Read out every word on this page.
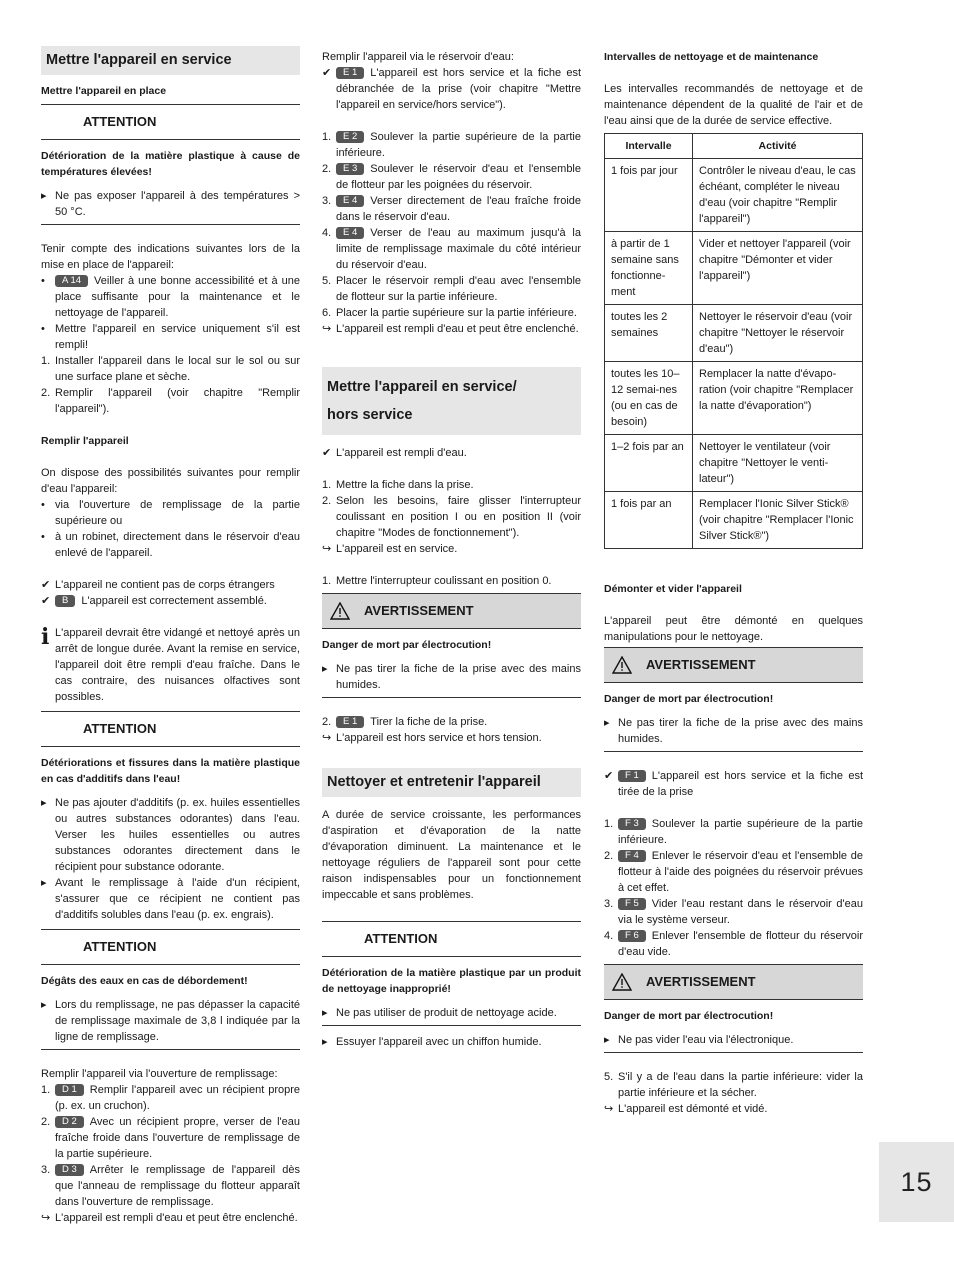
Mettre l'appareil en service
Mettre l'appareil en place
ATTENTION

Détérioration de la matière plastique à cause de températures élevées!

▸ Ne pas exposer l'appareil à des températures > 50 °C.

Tenir compte des indications suivantes lors de la mise en place de l'appareil:

•	A 14 Veiller à une bonne accessibilité et à une place suffisante pour la maintenance et le nettoyage de l'appareil.
• Mettre l'appareil en service uniquement s'il est rempli!
1. Installer l'appareil dans le local sur le sol ou sur une surface plane et sèche.
2. Remplir l'appareil (voir chapitre "Remplir l'appareil").
Remplir l'appareil

On dispose des possibilités suivantes pour remplir d'eau l'appareil:

• via l'ouverture de remplissage de la partie supérieure ou
• à un robinet, directement dans le réservoir d'eau enlevé de l'appareil.
✔ L'appareil ne contient pas de corps étrangers
✔	B L'appareil est correctement assemblé.
i L'appareil devrait être vidangé et nettoyé après un arrêt de longue durée. Avant la remise en service, l'appareil doit être rempli d'eau fraîche. Dans le cas contraire, des nuisances olfactives sont possibles.

ATTENTION

Détériorations et fissures dans la matière plastique en cas d'additifs dans l'eau!

▸ Ne pas ajouter d'additifs (p. ex. huiles essentielles ou autres substances odorantes) dans l'eau. Verser les huiles essentielles ou autres substances odorantes directement dans le récipient pour substance odorante.
▸ Avant le remplissage à l'aide d'un récipient, s'assurer que ce récipient ne contient pas d'additifs solubles dans l'eau (p. ex. engrais).
ATTENTION

Dégâts des eaux en cas de débordement!

▸ Lors du remplissage, ne pas dépasser la capacité de remplissage maximale de 3,8 l indiquée par la ligne de remplissage.

Remplir l'appareil via l'ouverture de remplissage:

1.	D 1 Remplir l'appareil avec un récipient propre (p. ex. un cruchon).
2.	D 2 Avec un récipient propre, verser de l'eau fraîche froide dans l'ouverture de remplissage de la partie supérieure.
3.	D 3 Arrêter le remplissage de l'appareil dès que l'anneau de remplissage du flotteur apparaît dans l'ouverture de remplissage.
↪ L'appareil est rempli d'eau et peut être enclenché.

Remplir l'appareil via le réservoir d'eau:

✔	E 1 L'appareil est hors service et la fiche est débranchée de la prise (voir chapitre "Mettre l'appareil en service/hors service").
1.	E 2 Soulever la partie supérieure de la partie inférieure.
2.	E 3 Soulever le réservoir d'eau et l'ensemble de flotteur par les poignées du réservoir.
3.	E 4 Verser directement de l'eau fraîche froide dans le réservoir d'eau.
4.	E 4 Verser de l'eau au maximum jusqu'à la limite de remplissage maximale du côté intérieur du réservoir d'eau.
5. Placer le réservoir rempli d'eau avec l'ensemble de flotteur sur la partie inférieure.
6. Placer la partie supérieure sur la partie inférieure.
↪ L'appareil est rempli d'eau et peut être enclenché.
Mettre l'appareil en service/
hors service
✔ L'appareil est rempli d'eau.
1. Mettre la fiche dans la prise.
2. Selon les besoins, faire glisser l'interrupteur coulissant en position I ou en position II (voir chapitre "Modes de fonctionnement").
↪ L'appareil est en service.
1. Mettre l'interrupteur coulissant en position 0.
AVERTISSEMENT

Danger de mort par électrocution!

▸ Ne pas tirer la fiche de la prise avec des mains humides.
2.	E 1 Tirer la fiche de la prise.
↪ L'appareil est hors service et hors tension.
Nettoyer et entretenir l'appareil

A durée de service croissante, les performances d'aspiration et d'évaporation de la natte d'évaporation diminuent. La maintenance et le nettoyage réguliers de l'appareil sont pour cette raison indispensables pour un fonctionnement impeccable et sans problèmes.

ATTENTION

Détérioration de la matière plastique par un produit de nettoyage inapproprié!

▸ Ne pas utiliser de produit de nettoyage acide.
▸ Essuyer l'appareil avec un chiffon humide.
Intervalles de nettoyage et de maintenance

Les intervalles recommandés de nettoyage et de maintenance dépendent de la qualité de l'air et de l'eau ainsi que de la durée de service effective.

Intervalle	Activité
1 fois par jour	Contrôler le niveau d'eau, le cas échéant, compléter le niveau d'eau (voir chapitre "Remplir l'appareil")
à partir de 1 semaine sans fonctionne-ment	Vider et nettoyer l'appareil (voir chapitre "Démonter et vider l'appareil")
toutes les 2 semaines	Nettoyer le réservoir d'eau (voir chapitre "Nettoyer le réservoir d'eau")
toutes les 10–12 semai-nes (ou en cas de besoin)	Remplacer la natte d'évapo-ration (voir chapitre "Remplacer la natte d'évaporation")
1–2 fois par an	Nettoyer le ventilateur (voir chapitre "Nettoyer le venti-lateur")
1 fois par an	Remplacer l'Ionic Silver Stick® (voir chapitre "Remplacer l'Ionic Silver Stick®")
Démonter et vider l'appareil

L'appareil peut être démonté en quelques manipulations pour le nettoyage.

AVERTISSEMENT

Danger de mort par électrocution!

▸ Ne pas tirer la fiche de la prise avec des mains humides.
✔	F 1 L'appareil est hors service et la fiche est tirée de la prise
1.	F 3 Soulever la partie supérieure de la partie inférieure.
2.	F 4 Enlever le réservoir d'eau et l'ensemble de flotteur à l'aide des poignées du réservoir prévues à cet effet.
3.	F 5 Vider l'eau restant dans le réservoir d'eau via le système verseur.
4.	F 6 Enlever l'ensemble de flotteur du réservoir d'eau vide.
AVERTISSEMENT

Danger de mort par électrocution!

▸ Ne pas vider l'eau via l'électronique.
5. S'il y a de l'eau dans la partie inférieure: vider la partie inférieure et la sécher.
↪ L'appareil est démonté et vidé.
15
